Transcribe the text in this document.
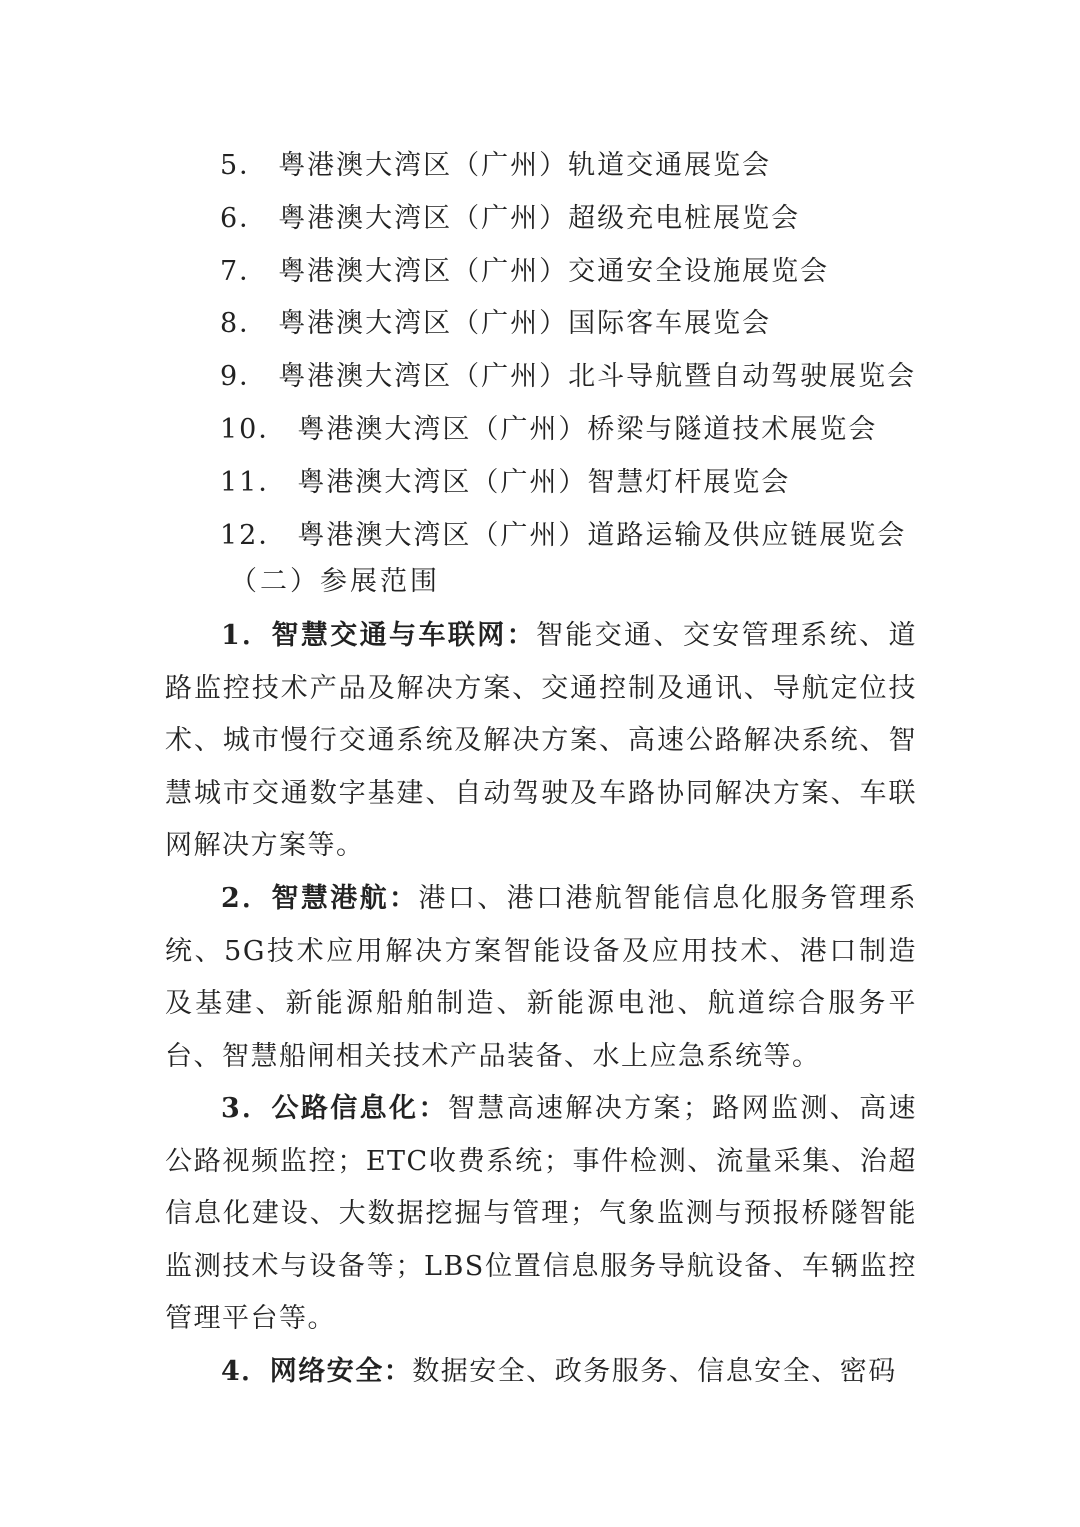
5． 粤港澳大湾区（广州）轨道交通展览会
6． 粤港澳大湾区（广州）超级充电桩展览会
7． 粤港澳大湾区（广州）交通安全设施展览会
8． 粤港澳大湾区（广州）国际客车展览会
9． 粤港澳大湾区（广州）北斗导航暨自动驾驶展览会
10． 粤港澳大湾区（广州）桥梁与隧道技术展览会
11． 粤港澳大湾区（广州）智慧灯杆展览会
12． 粤港澳大湾区（广州）道路运输及供应链展览会
（二）参展范围

1．智慧交通与车联网：智能交通、交安管理系统、道路监控技术产品及解决方案、交通控制及通讯、导航定位技术、城市慢行交通系统及解决方案、高速公路解决系统、智慧城市交通数字基建、自动驾驶及车路协同解决方案、车联网解决方案等。

2．智慧港航：港口、港口港航智能信息化服务管理系统、5G技术应用解决方案智能设备及应用技术、港口制造及基建、新能源船舶制造、新能源电池、航道综合服务平台、智慧船闸相关技术产品装备、水上应急系统等。

3．公路信息化：智慧高速解决方案；路网监测、高速公路视频监控；ETC收费系统；事件检测、流量采集、治超信息化建设、大数据挖掘与管理；气象监测与预报桥隧智能监测技术与设备等；LBS位置信息服务导航设备、车辆监控管理平台等。

4．网络安全：数据安全、政务服务、信息安全、密码
